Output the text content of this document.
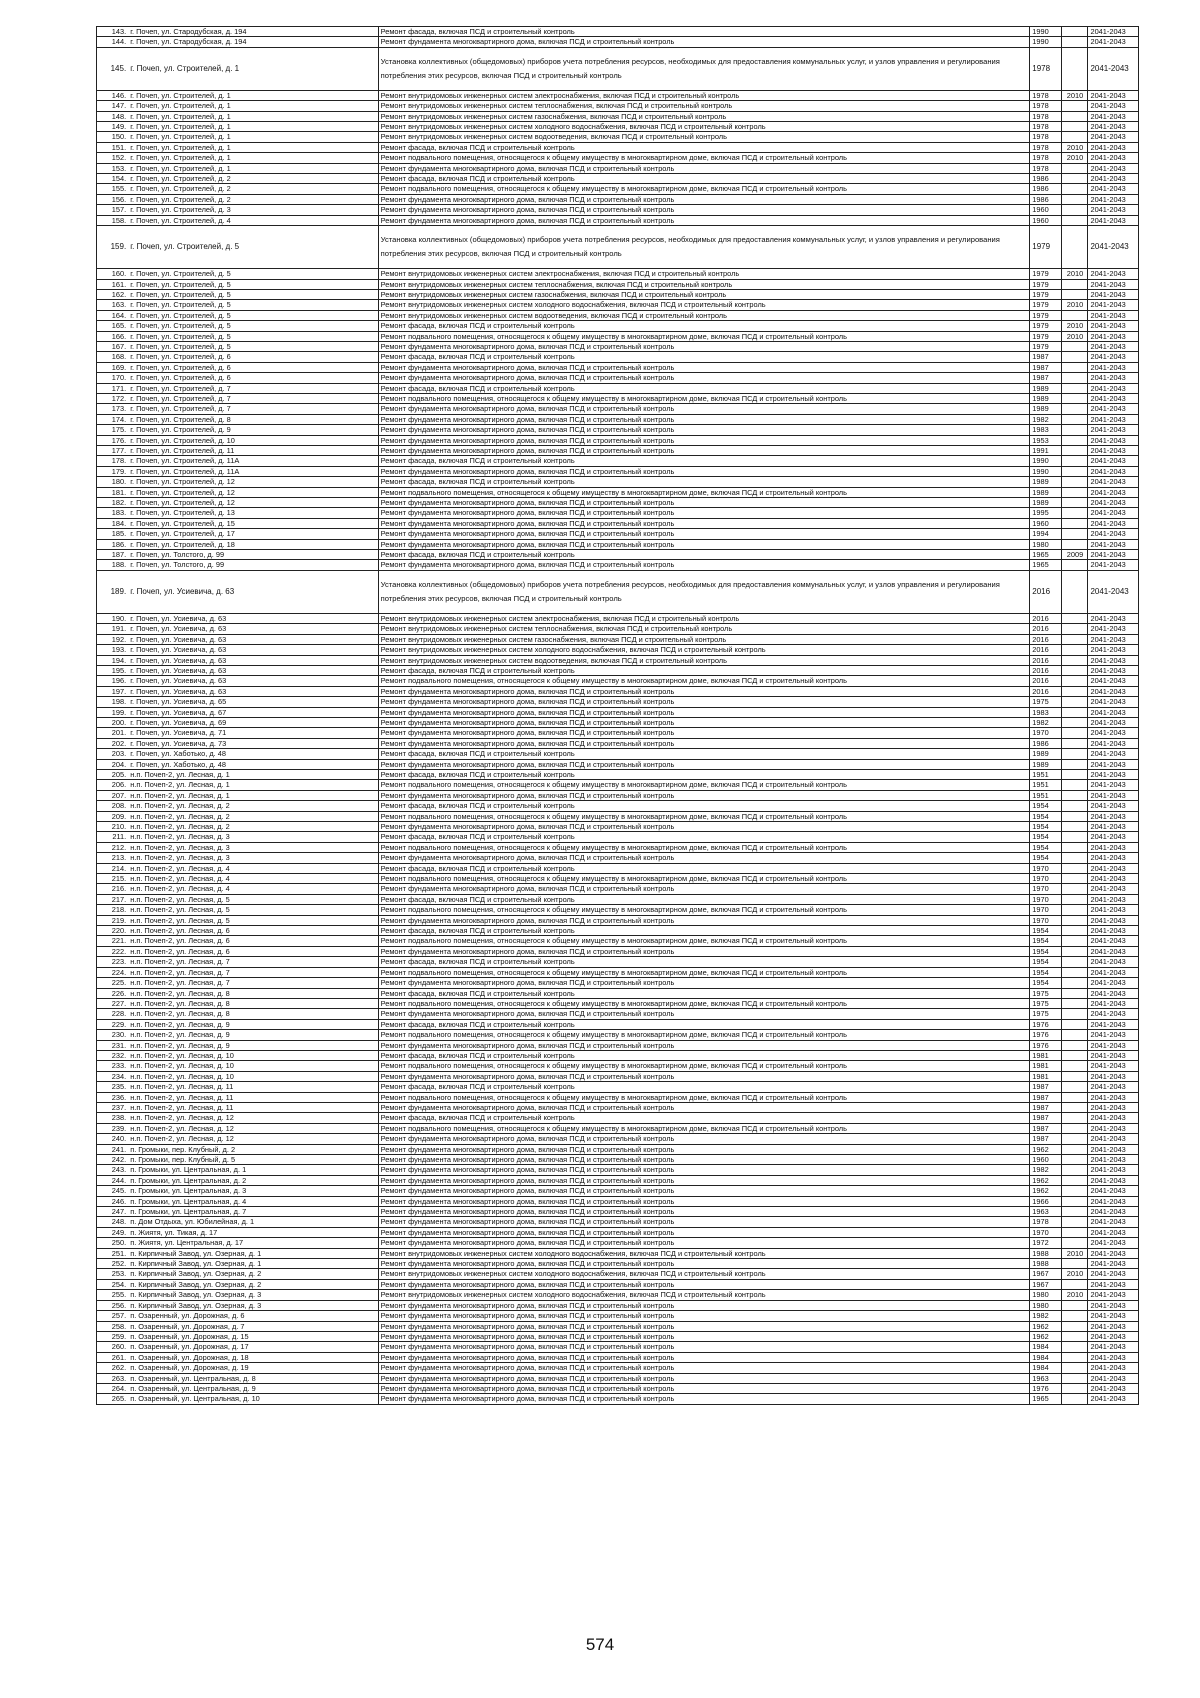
143.	г. Почеп, ул. Стародубская, д. 194	Ремонт фасада, включая ПСД и строительный контроль	1990		2041-2043	
144.	г. Почеп, ул. Стародубская, д. 194	Ремонт фундамента многоквартирного дома, включая ПСД и строительный контроль	1990		2041-2043	
145.	г. Почеп, ул. Строителей, д. 1	Установка коллективных (общедомовых) приборов учета потребления ресурсов, необходимых для предоставления коммунальных услуг, и узлов управления и регулирования потребления этих ресурсов, включая ПСД и строительный контроль	1978		2041-2043	
146.	г. Почеп, ул. Строителей, д. 1	Ремонт внутридомовых инженерных систем электроснабжения, включая ПСД и строительный контроль	1978	2010	2041-2043	
147.	г. Почеп, ул. Строителей, д. 1	Ремонт внутридомовых инженерных систем теплоснабжения, включая ПСД и строительный контроль	1978		2041-2043	
148.	г. Почеп, ул. Строителей, д. 1	Ремонт внутридомовых инженерных систем газоснабжения, включая ПСД и строительный контроль	1978		2041-2043	
149.	г. Почеп, ул. Строителей, д. 1	Ремонт внутридомовых инженерных систем холодного водоснабжения, включая ПСД и строительный контроль	1978		2041-2043	
150.	г. Почеп, ул. Строителей, д. 1	Ремонт внутридомовых инженерных систем водоотведения, включая ПСД и строительный контроль	1978		2041-2043	
151.	г. Почеп, ул. Строителей, д. 1	Ремонт фасада, включая ПСД и строительный контроль	1978	2010	2041-2043	
152.	г. Почеп, ул. Строителей, д. 1	Ремонт подвального помещения, относящегося к общему имуществу в многоквартирном доме, включая ПСД и строительный контроль	1978	2010	2041-2043	
153.	г. Почеп, ул. Строителей, д. 1	Ремонт фундамента многоквартирного дома, включая ПСД и строительный контроль	1978		2041-2043	
154.	г. Почеп, ул. Строителей, д. 2	Ремонт фасада, включая ПСД и строительный контроль	1986		2041-2043	
155.	г. Почеп, ул. Строителей, д. 2	Ремонт подвального помещения, относящегося к общему имуществу в многоквартирном доме, включая ПСД и строительный контроль	1986		2041-2043	
156.	г. Почеп, ул. Строителей, д. 2	Ремонт фундамента многоквартирного дома, включая ПСД и строительный контроль	1986		2041-2043	
157.	г. Почеп, ул. Строителей, д. 3	Ремонт фундамента многоквартирного дома, включая ПСД и строительный контроль	1960		2041-2043	
158.	г. Почеп, ул. Строителей, д. 4	Ремонт фундамента многоквартирного дома, включая ПСД и строительный контроль	1960		2041-2043	
159.	г. Почеп, ул. Строителей, д. 5	Установка коллективных (общедомовых) приборов учета потребления ресурсов, необходимых для предоставления коммунальных услуг, и узлов управления и регулирования потребления этих ресурсов, включая ПСД и строительный контроль	1979		2041-2043	
160.	г. Почеп, ул. Строителей, д. 5	Ремонт внутридомовых инженерных систем электроснабжения, включая ПСД и строительный контроль	1979	2010	2041-2043	
161.	г. Почеп, ул. Строителей, д. 5	Ремонт внутридомовых инженерных систем теплоснабжения, включая ПСД и строительный контроль	1979		2041-2043	
162.	г. Почеп, ул. Строителей, д. 5	Ремонт внутридомовых инженерных систем газоснабжения, включая ПСД и строительный контроль	1979		2041-2043	
163.	г. Почеп, ул. Строителей, д. 5	Ремонт внутридомовых инженерных систем холодного водоснабжения, включая ПСД и строительный контроль	1979	2010	2041-2043	
164.	г. Почеп, ул. Строителей, д. 5	Ремонт внутридомовых инженерных систем водоотведения, включая ПСД и строительный контроль	1979		2041-2043	
165.	г. Почеп, ул. Строителей, д. 5	Ремонт фасада, включая ПСД и строительный контроль	1979	2010	2041-2043	
166.	г. Почеп, ул. Строителей, д. 5	Ремонт подвального помещения, относящегося к общему имуществу в многоквартирном доме, включая ПСД и строительный контроль	1979	2010	2041-2043	
167.	г. Почеп, ул. Строителей, д. 5	Ремонт фундамента многоквартирного дома, включая ПСД и строительный контроль	1979		2041-2043	
168.	г. Почеп, ул. Строителей, д. 6	Ремонт фасада, включая ПСД и строительный контроль	1987		2041-2043	
169.	г. Почеп, ул. Строителей, д. 6	Ремонт фундамента многоквартирного дома, включая ПСД и строительный контроль	1987		2041-2043	
170.	г. Почеп, ул. Строителей, д. 6	Ремонт фундамента многоквартирного дома, включая ПСД и строительный контроль	1987		2041-2043	
171.	г. Почеп, ул. Строителей, д. 7	Ремонт фасада, включая ПСД и строительный контроль	1989		2041-2043	
172.	г. Почеп, ул. Строителей, д. 7	Ремонт подвального помещения, относящегося к общему имуществу в многоквартирном доме, включая ПСД и строительный контроль	1989		2041-2043	
173.	г. Почеп, ул. Строителей, д. 7	Ремонт фундамента многоквартирного дома, включая ПСД и строительный контроль	1989		2041-2043	
174.	г. Почеп, ул. Строителей, д. 8	Ремонт фундамента многоквартирного дома, включая ПСД и строительный контроль	1982		2041-2043	
175.	г. Почеп, ул. Строителей, д. 9	Ремонт фундамента многоквартирного дома, включая ПСД и строительный контроль	1983		2041-2043	
176.	г. Почеп, ул. Строителей, д. 10	Ремонт фундамента многоквартирного дома, включая ПСД и строительный контроль	1953		2041-2043	
177.	г. Почеп, ул. Строителей, д. 11	Ремонт фундамента многоквартирного дома, включая ПСД и строительный контроль	1991		2041-2043	
178.	г. Почеп, ул. Строителей, д. 11А	Ремонт фасада, включая ПСД и строительный контроль	1990		2041-2043	
179.	г. Почеп, ул. Строителей, д. 11А	Ремонт фундамента многоквартирного дома, включая ПСД и строительный контроль	1990		2041-2043	
180.	г. Почеп, ул. Строителей, д. 12	Ремонт фасада, включая ПСД и строительный контроль	1989		2041-2043	
181.	г. Почеп, ул. Строителей, д. 12	Ремонт подвального помещения, относящегося к общему имуществу в многоквартирном доме, включая ПСД и строительный контроль	1989		2041-2043	
182.	г. Почеп, ул. Строителей, д. 12	Ремонт фундамента многоквартирного дома, включая ПСД и строительный контроль	1989		2041-2043	
183.	г. Почеп, ул. Строителей, д. 13	Ремонт фундамента многоквартирного дома, включая ПСД и строительный контроль	1995		2041-2043	
184.	г. Почеп, ул. Строителей, д. 15	Ремонт фундамента многоквартирного дома, включая ПСД и строительный контроль	1960		2041-2043	
185.	г. Почеп, ул. Строителей, д. 17	Ремонт фундамента многоквартирного дома, включая ПСД и строительный контроль	1994		2041-2043	
186.	г. Почеп, ул. Строителей, д. 18	Ремонт фундамента многоквартирного дома, включая ПСД и строительный контроль	1980		2041-2043	
187.	г. Почеп, ул. Толстого, д. 99	Ремонт фасада, включая ПСД и строительный контроль	1965	2009	2041-2043	
188.	г. Почеп, ул. Толстого, д. 99	Ремонт фундамента многоквартирного дома, включая ПСД и строительный контроль	1965		2041-2043	
189.	г. Почеп, ул. Усиевича, д. 63	Установка коллективных (общедомовых) приборов учета потребления ресурсов, необходимых для предоставления коммунальных услуг, и узлов управления и регулирования потребления этих ресурсов, включая ПСД и строительный контроль	2016		2041-2043	
190.	г. Почеп, ул. Усиевича, д. 63	Ремонт внутридомовых инженерных систем электроснабжения, включая ПСД и строительный контроль	2016		2041-2043	
191.	г. Почеп, ул. Усиевича, д. 63	Ремонт внутридомовых инженерных систем теплоснабжения, включая ПСД и строительный контроль	2016		2041-2043	
192.	г. Почеп, ул. Усиевича, д. 63	Ремонт внутридомовых инженерных систем газоснабжения, включая ПСД и строительный контроль	2016		2041-2043	
193.	г. Почеп, ул. Усиевича, д. 63	Ремонт внутридомовых инженерных систем холодного водоснабжения, включая ПСД и строительный контроль	2016		2041-2043	
194.	г. Почеп, ул. Усиевича, д. 63	Ремонт внутридомовых инженерных систем водоотведения, включая ПСД и строительный контроль	2016		2041-2043	
195.	г. Почеп, ул. Усиевича, д. 63	Ремонт фасада, включая ПСД и строительный контроль	2016		2041-2043	
196.	г. Почеп, ул. Усиевича, д. 63	Ремонт подвального помещения, относящегося к общему имуществу в многоквартирном доме, включая ПСД и строительный контроль	2016		2041-2043	
197.	г. Почеп, ул. Усиевича, д. 63	Ремонт фундамента многоквартирного дома, включая ПСД и строительный контроль	2016		2041-2043	
198.	г. Почеп, ул. Усиевича, д. 65	Ремонт фундамента многоквартирного дома, включая ПСД и строительный контроль	1975		2041-2043	
199.	г. Почеп, ул. Усиевича, д. 67	Ремонт фундамента многоквартирного дома, включая ПСД и строительный контроль	1983		2041-2043	
200.	г. Почеп, ул. Усиевича, д. 69	Ремонт фундамента многоквартирного дома, включая ПСД и строительный контроль	1982		2041-2043	
201.	г. Почеп, ул. Усиевича, д. 71	Ремонт фундамента многоквартирного дома, включая ПСД и строительный контроль	1970		2041-2043	
202.	г. Почеп, ул. Усиевича, д. 73	Ремонт фундамента многоквартирного дома, включая ПСД и строительный контроль	1986		2041-2043	
203.	г. Почеп, ул. Хаботько, д. 48	Ремонт фасада, включая ПСД и строительный контроль	1989		2041-2043	
204.	г. Почеп, ул. Хаботько, д. 48	Ремонт фундамента многоквартирного дома, включая ПСД и строительный контроль	1989		2041-2043	
205.	н.п. Почеп-2, ул. Лесная, д. 1	Ремонт фасада, включая ПСД и строительный контроль	1951		2041-2043	
206.	н.п. Почеп-2, ул. Лесная, д. 1	Ремонт подвального помещения, относящегося к общему имуществу в многоквартирном доме, включая ПСД и строительный контроль	1951		2041-2043	
207.	н.п. Почеп-2, ул. Лесная, д. 1	Ремонт фундамента многоквартирного дома, включая ПСД и строительный контроль	1951		2041-2043	
208.	н.п. Почеп-2, ул. Лесная, д. 2	Ремонт фасада, включая ПСД и строительный контроль	1954		2041-2043	
209.	н.п. Почеп-2, ул. Лесная, д. 2	Ремонт подвального помещения, относящегося к общему имуществу в многоквартирном доме, включая ПСД и строительный контроль	1954		2041-2043	
210.	н.п. Почеп-2, ул. Лесная, д. 2	Ремонт фундамента многоквартирного дома, включая ПСД и строительный контроль	1954		2041-2043	
211.	н.п. Почеп-2, ул. Лесная, д. 3	Ремонт фасада, включая ПСД и строительный контроль	1954		2041-2043	
212.	н.п. Почеп-2, ул. Лесная, д. 3	Ремонт подвального помещения, относящегося к общему имуществу в многоквартирном доме, включая ПСД и строительный контроль	1954		2041-2043	
213.	н.п. Почеп-2, ул. Лесная, д. 3	Ремонт фундамента многоквартирного дома, включая ПСД и строительный контроль	1954		2041-2043	
214.	н.п. Почеп-2, ул. Лесная, д. 4	Ремонт фасада, включая ПСД и строительный контроль	1970		2041-2043	
215.	н.п. Почеп-2, ул. Лесная, д. 4	Ремонт подвального помещения, относящегося к общему имуществу в многоквартирном доме, включая ПСД и строительный контроль	1970		2041-2043	
216.	н.п. Почеп-2, ул. Лесная, д. 4	Ремонт фундамента многоквартирного дома, включая ПСД и строительный контроль	1970		2041-2043	
217.	н.п. Почеп-2, ул. Лесная, д. 5	Ремонт фасада, включая ПСД и строительный контроль	1970		2041-2043	
218.	н.п. Почеп-2, ул. Лесная, д. 5	Ремонт подвального помещения, относящегося к общему имуществу в многоквартирном доме, включая ПСД и строительный контроль	1970		2041-2043	
219.	н.п. Почеп-2, ул. Лесная, д. 5	Ремонт фундамента многоквартирного дома, включая ПСД и строительный контроль	1970		2041-2043	
220.	н.п. Почеп-2, ул. Лесная, д. 6	Ремонт фасада, включая ПСД и строительный контроль	1954		2041-2043	
221.	н.п. Почеп-2, ул. Лесная, д. 6	Ремонт подвального помещения, относящегося к общему имуществу в многоквартирном доме, включая ПСД и строительный контроль	1954		2041-2043	
222.	н.п. Почеп-2, ул. Лесная, д. 6	Ремонт фундамента многоквартирного дома, включая ПСД и строительный контроль	1954		2041-2043	
223.	н.п. Почеп-2, ул. Лесная, д. 7	Ремонт фасада, включая ПСД и строительный контроль	1954		2041-2043	
224.	н.п. Почеп-2, ул. Лесная, д. 7	Ремонт подвального помещения, относящегося к общему имуществу в многоквартирном доме, включая ПСД и строительный контроль	1954		2041-2043	
225.	н.п. Почеп-2, ул. Лесная, д. 7	Ремонт фундамента многоквартирного дома, включая ПСД и строительный контроль	1954		2041-2043	
226.	н.п. Почеп-2, ул. Лесная, д. 8	Ремонт фасада, включая ПСД и строительный контроль	1975		2041-2043	
227.	н.п. Почеп-2, ул. Лесная, д. 8	Ремонт подвального помещения, относящегося к общему имуществу в многоквартирном доме, включая ПСД и строительный контроль	1975		2041-2043	
228.	н.п. Почеп-2, ул. Лесная, д. 8	Ремонт фундамента многоквартирного дома, включая ПСД и строительный контроль	1975		2041-2043	
229.	н.п. Почеп-2, ул. Лесная, д. 9	Ремонт фасада, включая ПСД и строительный контроль	1976		2041-2043	
230.	н.п. Почеп-2, ул. Лесная, д. 9	Ремонт подвального помещения, относящегося к общему имуществу в многоквартирном доме, включая ПСД и строительный контроль	1976		2041-2043	
231.	н.п. Почеп-2, ул. Лесная, д. 9	Ремонт фундамента многоквартирного дома, включая ПСД и строительный контроль	1976		2041-2043	
232.	н.п. Почеп-2, ул. Лесная, д. 10	Ремонт фасада, включая ПСД и строительный контроль	1981		2041-2043	
233.	н.п. Почеп-2, ул. Лесная, д. 10	Ремонт подвального помещения, относящегося к общему имуществу в многоквартирном доме, включая ПСД и строительный контроль	1981		2041-2043	
234.	н.п. Почеп-2, ул. Лесная, д. 10	Ремонт фундамента многоквартирного дома, включая ПСД и строительный контроль	1981		2041-2043	
235.	н.п. Почеп-2, ул. Лесная, д. 11	Ремонт фасада, включая ПСД и строительный контроль	1987		2041-2043	
236.	н.п. Почеп-2, ул. Лесная, д. 11	Ремонт подвального помещения, относящегося к общему имуществу в многоквартирном доме, включая ПСД и строительный контроль	1987		2041-2043	
237.	н.п. Почеп-2, ул. Лесная, д. 11	Ремонт фундамента многоквартирного дома, включая ПСД и строительный контроль	1987		2041-2043	
238.	н.п. Почеп-2, ул. Лесная, д. 12	Ремонт фасада, включая ПСД и строительный контроль	1987		2041-2043	
239.	н.п. Почеп-2, ул. Лесная, д. 12	Ремонт подвального помещения, относящегося к общему имуществу в многоквартирном доме, включая ПСД и строительный контроль	1987		2041-2043	
240.	н.п. Почеп-2, ул. Лесная, д. 12	Ремонт фундамента многоквартирного дома, включая ПСД и строительный контроль	1987		2041-2043	
241.	п. Громыки, пер. Клубный, д. 2	Ремонт фундамента многоквартирного дома, включая ПСД и строительный контроль	1962		2041-2043	
242.	п. Громыки, пер. Клубный, д. 5	Ремонт фундамента многоквартирного дома, включая ПСД и строительный контроль	1960		2041-2043	
243.	п. Громыки, ул. Центральная, д. 1	Ремонт фундамента многоквартирного дома, включая ПСД и строительный контроль	1982		2041-2043	
244.	п. Громыки, ул. Центральная, д. 2	Ремонт фундамента многоквартирного дома, включая ПСД и строительный контроль	1962		2041-2043	
245.	п. Громыки, ул. Центральная, д. 3	Ремонт фундамента многоквартирного дома, включая ПСД и строительный контроль	1962		2041-2043	
246.	п. Громыки, ул. Центральная, д. 4	Ремонт фундамента многоквартирного дома, включая ПСД и строительный контроль	1966		2041-2043	
247.	п. Громыки, ул. Центральная, д. 7	Ремонт фундамента многоквартирного дома, включая ПСД и строительный контроль	1963		2041-2043	
248.	п. Дом Отдыха, ул. Юбилейная, д. 1	Ремонт фундамента многоквартирного дома, включая ПСД и строительный контроль	1978		2041-2043	
249.	п. Жиятя, ул. Тикая, д. 17	Ремонт фундамента многоквартирного дома, включая ПСД и строительный контроль	1970		2041-2043	
250.	п. Жиятя, ул. Центральная, д. 17	Ремонт фундамента многоквартирного дома, включая ПСД и строительный контроль	1972		2041-2043	
251.	п. Кирпичный Завод, ул. Озерная, д. 1	Ремонт внутридомовых инженерных систем холодного водоснабжения, включая ПСД и строительный контроль	1988	2010	2041-2043	
252.	п. Кирпичный Завод, ул. Озерная, д. 1	Ремонт фундамента многоквартирного дома, включая ПСД и строительный контроль	1988		2041-2043	
253.	п. Кирпичный Завод, ул. Озерная, д. 2	Ремонт внутридомовых инженерных систем холодного водоснабжения, включая ПСД и строительный контроль	1967	2010	2041-2043	
254.	п. Кирпичный Завод, ул. Озерная, д. 2	Ремонт фундамента многоквартирного дома, включая ПСД и строительный контроль	1967		2041-2043	
255.	п. Кирпичный Завод, ул. Озерная, д. 3	Ремонт внутридомовых инженерных систем холодного водоснабжения, включая ПСД и строительный контроль	1980	2010	2041-2043	
256.	п. Кирпичный Завод, ул. Озерная, д. 3	Ремонт фундамента многоквартирного дома, включая ПСД и строительный контроль	1980		2041-2043	
257.	п. Озаренный, ул. Дорожная, д. 6	Ремонт фундамента многоквартирного дома, включая ПСД и строительный контроль	1982		2041-2043	
258.	п. Озаренный, ул. Дорожная, д. 7	Ремонт фундамента многоквартирного дома, включая ПСД и строительный контроль	1962		2041-2043	
259.	п. Озаренный, ул. Дорожная, д. 15	Ремонт фундамента многоквартирного дома, включая ПСД и строительный контроль	1962		2041-2043	
260.	п. Озаренный, ул. Дорожная, д. 17	Ремонт фундамента многоквартирного дома, включая ПСД и строительный контроль	1984		2041-2043	
261.	п. Озаренный, ул. Дорожная, д. 18	Ремонт фундамента многоквартирного дома, включая ПСД и строительный контроль	1984		2041-2043	
262.	п. Озаренный, ул. Дорожная, д. 19	Ремонт фундамента многоквартирного дома, включая ПСД и строительный контроль	1984		2041-2043	
263.	п. Озаренный, ул. Центральная, д. 8	Ремонт фундамента многоквартирного дома, включая ПСД и строительный контроль	1963		2041-2043	
264.	п. Озаренный, ул. Центральная, д. 9	Ремонт фундамента многоквартирного дома, включая ПСД и строительный контроль	1976		2041-2043	
265.	п. Озаренный, ул. Центральная, д. 10	Ремонт фундамента многоквартирного дома, включая ПСД и строительный контроль	1965		2041-2043	
574
